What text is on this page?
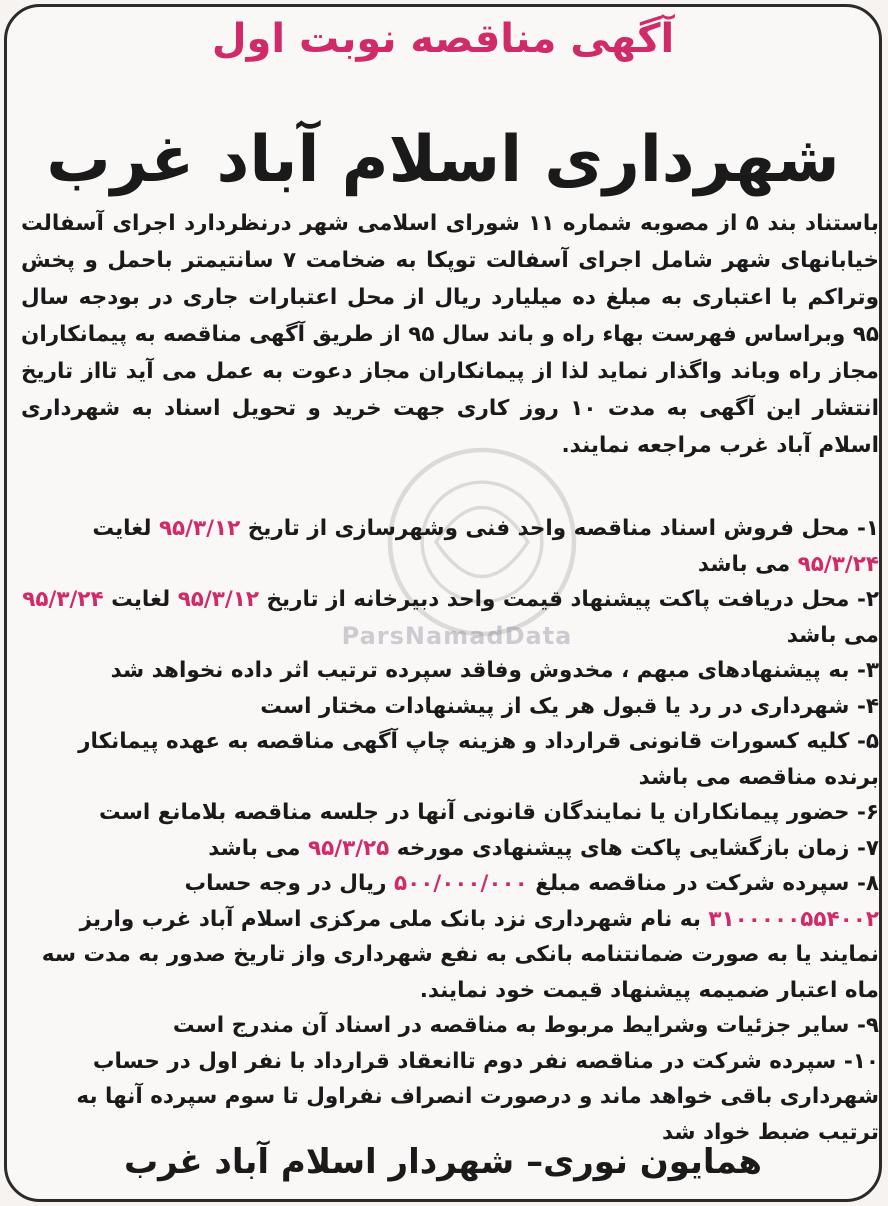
ParsNamadData
آگهی مناقصه نوبت اول
شهرداری اسلام آباد غرب
باستناد بند ۵ از مصوبه شماره ۱۱ شورای اسلامی شهر درنظردارد اجرای آسفالت خیابانهای شهر شامل اجرای آسفالت توپکا به ضخامت ۷ سانتیمتر باحمل و پخش وتراکم با اعتباری به مبلغ ده میلیارد ریال از محل اعتبارات جاری در بودجه سال ۹۵ وبراساس فهرست بهاء راه و باند سال ۹۵ از طریق آگهی مناقصه به پیمانکاران مجاز راه وباند واگذار نماید لذا از پیمانکاران مجاز دعوت به عمل می آید تااز تاریخ انتشار این آگهی به مدت ۱۰ روز کاری جهت خرید و تحویل اسناد به شهرداری اسلام آباد غرب مراجعه نمایند.
۱- محل فروش اسناد مناقصه واحد فنی وشهرسازی از تاریخ ۹۵/۳/۱۲ لغایت ۹۵/۳/۲۴ می باشد
۲- محل دریافت پاکت پیشنهاد قیمت واحد دبیرخانه از تاریخ ۹۵/۳/۱۲ لغایت ۹۵/۳/۲۴ می باشد
۳- به پیشنهادهای مبهم ، مخدوش وفاقد سپرده ترتیب اثر داده نخواهد شد
۴- شهرداری در رد یا قبول هر یک از پیشنهادات مختار است
۵- کلیه کسورات قانونی قرارداد و هزینه چاپ آگهی مناقصه به عهده پیمانکار برنده مناقصه می باشد
۶- حضور پیمانکاران یا نمایندگان قانونی آنها در جلسه مناقصه بلامانع است
۷- زمان بازگشایی پاکت های پیشنهادی مورخه ۹۵/۳/۲۵ می باشد
۸- سپرده شرکت در مناقصه مبلغ ۵۰۰/۰۰۰/۰۰۰ ریال در وجه حساب ۳۱۰۰۰۰۰۵۵۴۰۰۲ به نام شهرداری نزد بانک ملی مرکزی اسلام آباد غرب واریز نمایند یا به صورت ضمانتنامه بانکی به نفع شهرداری واز تاریخ صدور به مدت سه ماه اعتبار ضمیمه پیشنهاد قیمت خود نمایند.
۹- سایر جزئیات وشرایط مربوط به مناقصه در اسناد آن مندرج است
۱۰- سپرده شرکت در مناقصه نفر دوم تاانعقاد قرارداد با نفر اول در حساب شهرداری باقی خواهد ماند و درصورت انصراف نفراول تا سوم سپرده آنها به ترتیب ضبط خواد شد
همایون نوری– شهردار اسلام آباد غرب
